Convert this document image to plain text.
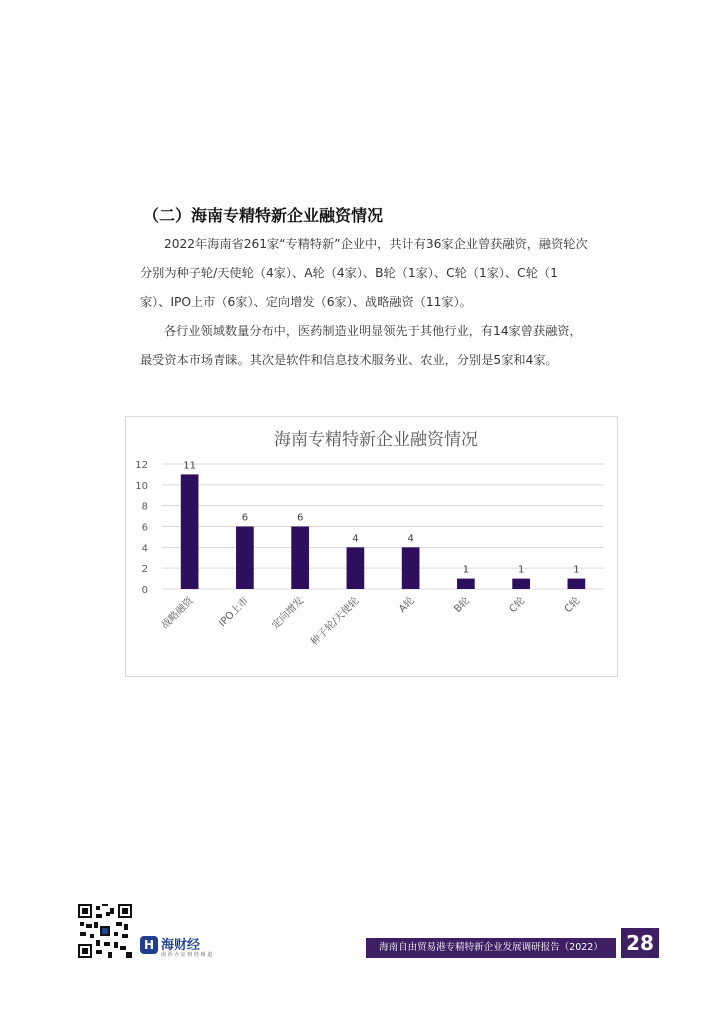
（二）海南专精特新企业融资情况
2022年海南省261家“专精特新”企业中，共计有36家企业曾获融资，融资轮次
分别为种子轮/天使轮（4家）、A轮（4家）、B轮（1家）、C轮（1家）、C轮（1
家）、IPO上市（6家）、定向增发（6家）、战略融资（11家）。
各行业领域数量分布中，医药制造业明显领先于其他行业，有14家曾获融资，
最受资本市场青睐。其次是软件和信息技术服务业、农业，分别是5家和4家。
海南专精特新企业融资情况
0
2
4
6
8
10
12	11
6	6
4	4
1	1	1
战略融资 IPO上市 定向增发 种子轮/天使轮	A轮	B轮	C轮	C轮
H 海财经
南 沙 办 证 财 经 频 道
海南自由贸易港专精特新企业发展调研报告（2022）	28
